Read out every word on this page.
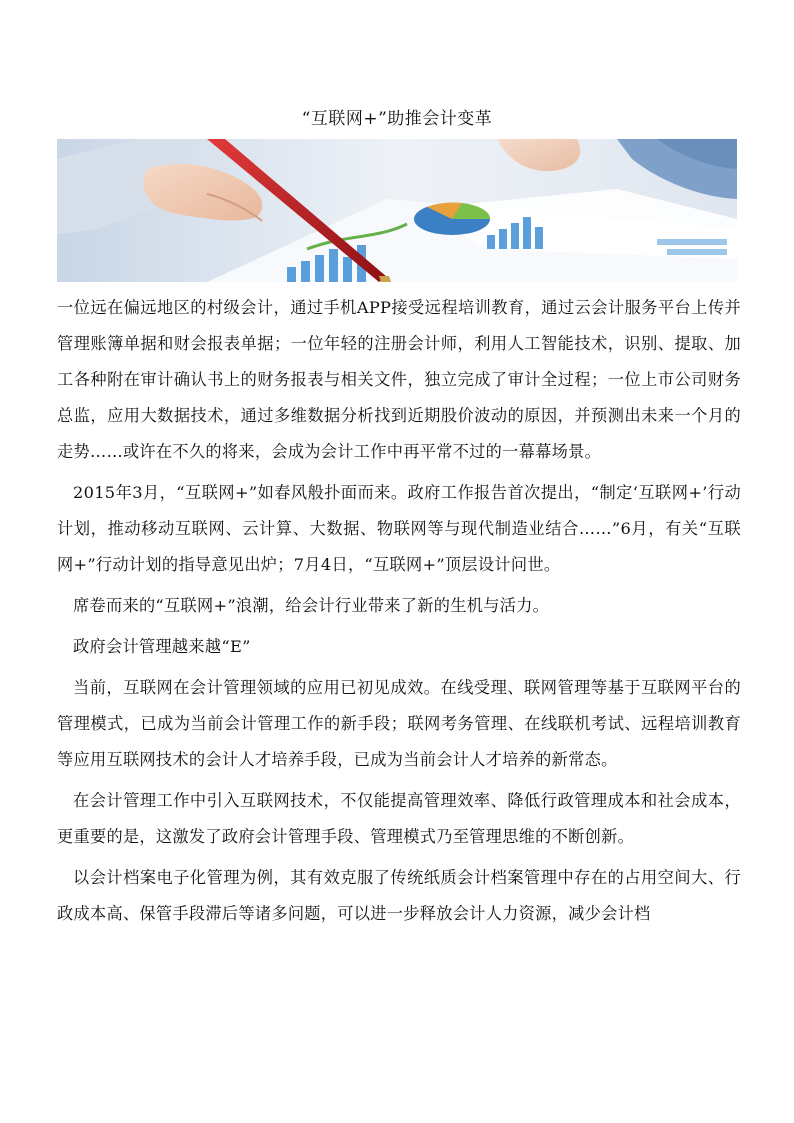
“互联网+”助推会计变革

一位远在偏远地区的村级会计，通过手机APP接受远程培训教育，通过云会计服务平台上传并管理账簿单据和财会报表单据；一位年轻的注册会计师，利用人工智能技术，识别、提取、加工各种附在审计确认书上的财务报表与相关文件，独立完成了审计全过程；一位上市公司财务总监，应用大数据技术，通过多维数据分析找到近期股价波动的原因，并预测出未来一个月的走势……或许在不久的将来，会成为会计工作中再平常不过的一幕幕场景。

2015年3月，“互联网+”如春风般扑面而来。政府工作报告首次提出，“制定‘互联网+’行动计划，推动移动互联网、云计算、大数据、物联网等与现代制造业结合……”6月，有关“互联网+”行动计划的指导意见出炉；7月4日，“互联网+”顶层设计问世。

席卷而来的“互联网+”浪潮，给会计行业带来了新的生机与活力。

政府会计管理越来越“E”

当前，互联网在会计管理领域的应用已初见成效。在线受理、联网管理等基于互联网平台的管理模式，已成为当前会计管理工作的新手段；联网考务管理、在线联机考试、远程培训教育等应用互联网技术的会计人才培养手段，已成为当前会计人才培养的新常态。

在会计管理工作中引入互联网技术，不仅能提高管理效率、降低行政管理成本和社会成本，更重要的是，这激发了政府会计管理手段、管理模式乃至管理思维的不断创新。

以会计档案电子化管理为例，其有效克服了传统纸质会计档案管理中存在的占用空间大、行政成本高、保管手段滞后等诸多问题，可以进一步释放会计人力资源，减少会计档
